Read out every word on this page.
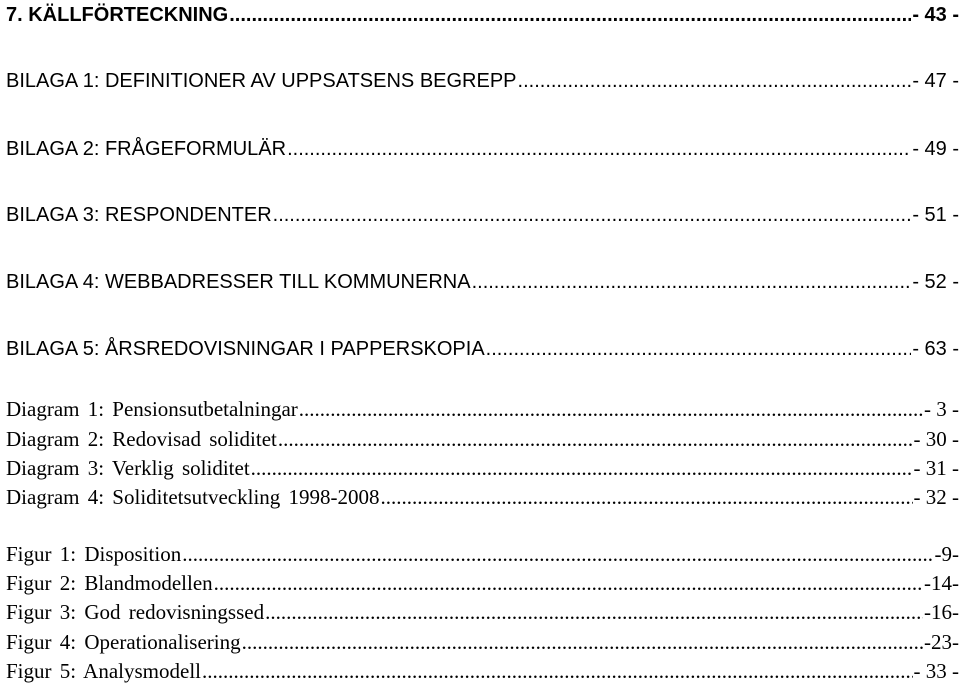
7. KÄLLFÖRTECKNING .....	- 43 -
BILAGA 1: DEFINITIONER AV UPPSATSENS BEGREPP .....	- 47 -
BILAGA 2: FRÅGEFORMULÄR .....	- 49 -
BILAGA 3: RESPONDENTER .....	- 51 -
BILAGA 4: WEBBADRESSER TILL KOMMUNERNA .....	- 52 -
BILAGA 5: ÅRSREDOVISNINGAR I PAPPERSKOPIA .....	- 63 -
Diagram 1: Pensionsutbetalningar .....	- 3 -
Diagram 2: Redovisad soliditet .....	- 30 -
Diagram 3: Verklig soliditet .....	- 31 -
Diagram 4: Soliditetsutveckling 1998-2008 .....	- 32 -
Figur 1: Disposition .....	-9-
Figur 2: Blandmodellen .....	-14-
Figur 3: God redovisningssed .....	-16-
Figur 4: Operationalisering .....	-23-
Figur 5: Analysmodell .....	- 33 -
